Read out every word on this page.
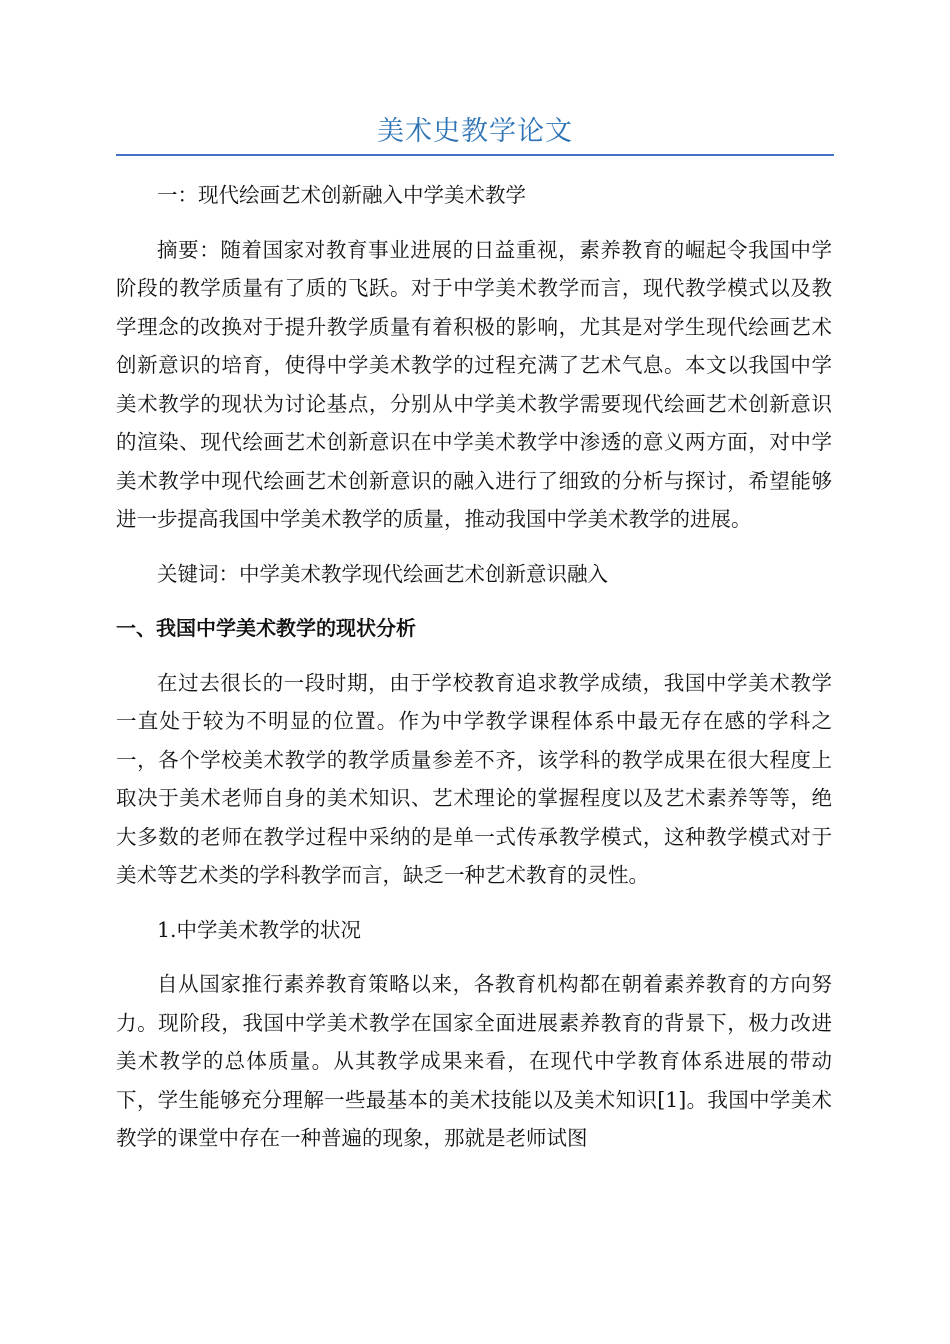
美术史教学论文

一：现代绘画艺术创新融入中学美术教学

摘要：随着国家对教育事业进展的日益重视，素养教育的崛起令我国中学阶段的教学质量有了质的飞跃。对于中学美术教学而言，现代教学模式以及教学理念的改换对于提升教学质量有着积极的影响，尤其是对学生现代绘画艺术创新意识的培育，使得中学美术教学的过程充满了艺术气息。本文以我国中学美术教学的现状为讨论基点，分别从中学美术教学需要现代绘画艺术创新意识的渲染、现代绘画艺术创新意识在中学美术教学中渗透的意义两方面，对中学美术教学中现代绘画艺术创新意识的融入进行了细致的分析与探讨，希望能够进一步提高我国中学美术教学的质量，推动我国中学美术教学的进展。

关键词：中学美术教学现代绘画艺术创新意识融入

一、我国中学美术教学的现状分析

在过去很长的一段时期，由于学校教育追求教学成绩，我国中学美术教学一直处于较为不明显的位置。作为中学教学课程体系中最无存在感的学科之一，各个学校美术教学的教学质量参差不齐，该学科的教学成果在很大程度上取决于美术老师自身的美术知识、艺术理论的掌握程度以及艺术素养等等，绝大多数的老师在教学过程中采纳的是单一式传承教学模式，这种教学模式对于美术等艺术类的学科教学而言，缺乏一种艺术教育的灵性。

1.中学美术教学的状况

自从国家推行素养教育策略以来，各教育机构都在朝着素养教育的方向努力。现阶段，我国中学美术教学在国家全面进展素养教育的背景下，极力改进美术教学的总体质量。从其教学成果来看，在现代中学教育体系进展的带动下，学生能够充分理解一些最基本的美术技能以及美术知识[1]。我国中学美术教学的课堂中存在一种普遍的现象，那就是老师试图
